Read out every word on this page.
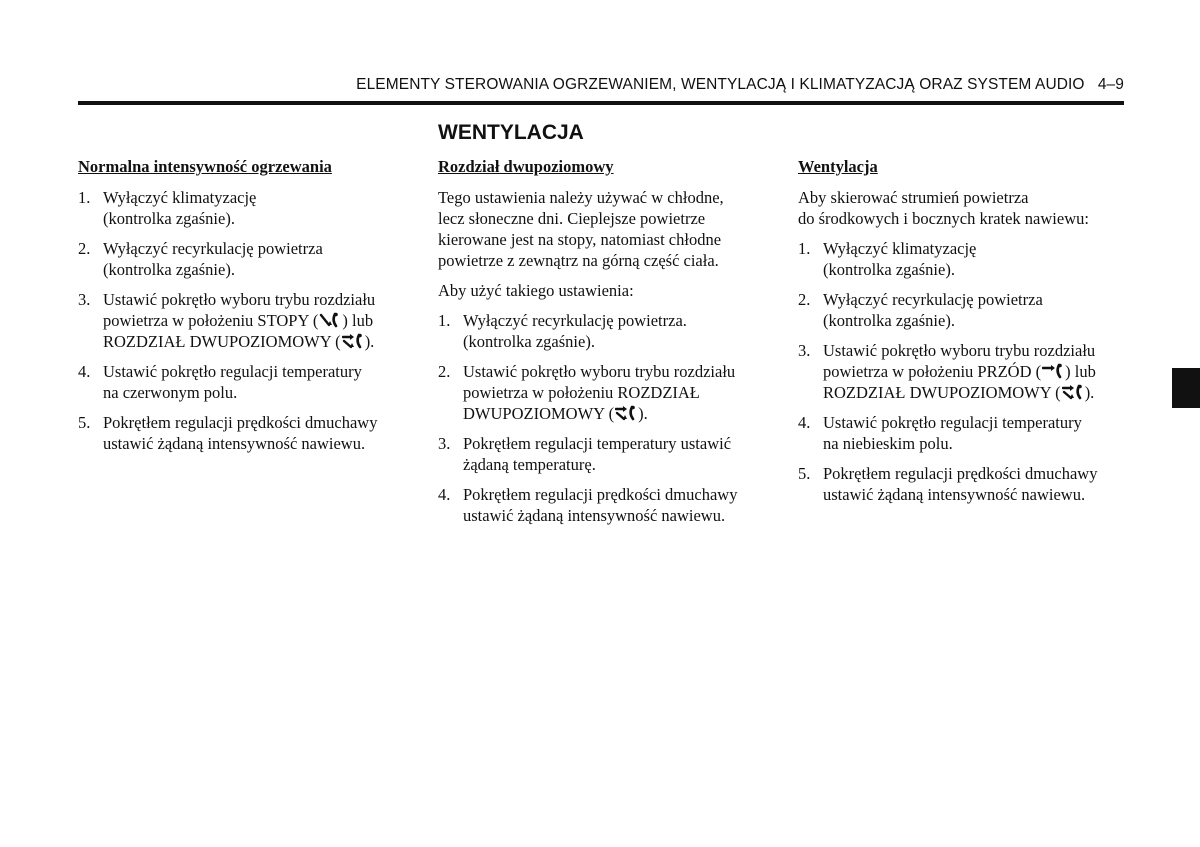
ELEMENTY STEROWANIA OGRZEWANIEM, WENTYLACJĄ I KLIMATYZACJĄ ORAZ SYSTEM AUDIO 4–9
WENTYLACJA
Normalna intensywność ogrzewania
1. Wyłączyć klimatyzację
(kontrolka zgaśnie).
2. Wyłączyć recyrkulację powietrza
(kontrolka zgaśnie).
3. Ustawić pokrętło wyboru trybu rozdziału
powietrza w położeniu STOPY ( ) lub
ROZDZIAŁ DWUPOZIOMOWY ( ).
4. Ustawić pokrętło regulacji temperatury
na czerwonym polu.
5. Pokrętłem regulacji prędkości dmuchawy
ustawić żądaną intensywność nawiewu.
Rozdział dwupoziomowy
Tego ustawienia należy używać w chłodne,
lecz słoneczne dni. Cieplejsze powietrze
kierowane jest na stopy, natomiast chłodne
powietrze z zewnątrz na górną część ciała.
Aby użyć takiego ustawienia:
1. Wyłączyć recyrkulację powietrza.
(kontrolka zgaśnie).
2. Ustawić pokrętło wyboru trybu rozdziału
powietrza w położeniu ROZDZIAŁ
DWUPOZIOMOWY ( ).
3. Pokrętłem regulacji temperatury ustawić
żądaną temperaturę.
4. Pokrętłem regulacji prędkości dmuchawy
ustawić żądaną intensywność nawiewu.
Wentylacja
Aby skierować strumień powietrza
do środkowych i bocznych kratek nawiewu:
1. Wyłączyć klimatyzację
(kontrolka zgaśnie).
2. Wyłączyć recyrkulację powietrza
(kontrolka zgaśnie).
3. Ustawić pokrętło wyboru trybu rozdziału
powietrza w położeniu PRZÓD ( ) lub
ROZDZIAŁ DWUPOZIOMOWY ( ).
4. Ustawić pokrętło regulacji temperatury
na niebieskim polu.
5. Pokrętłem regulacji prędkości dmuchawy
ustawić żądaną intensywność nawiewu.
